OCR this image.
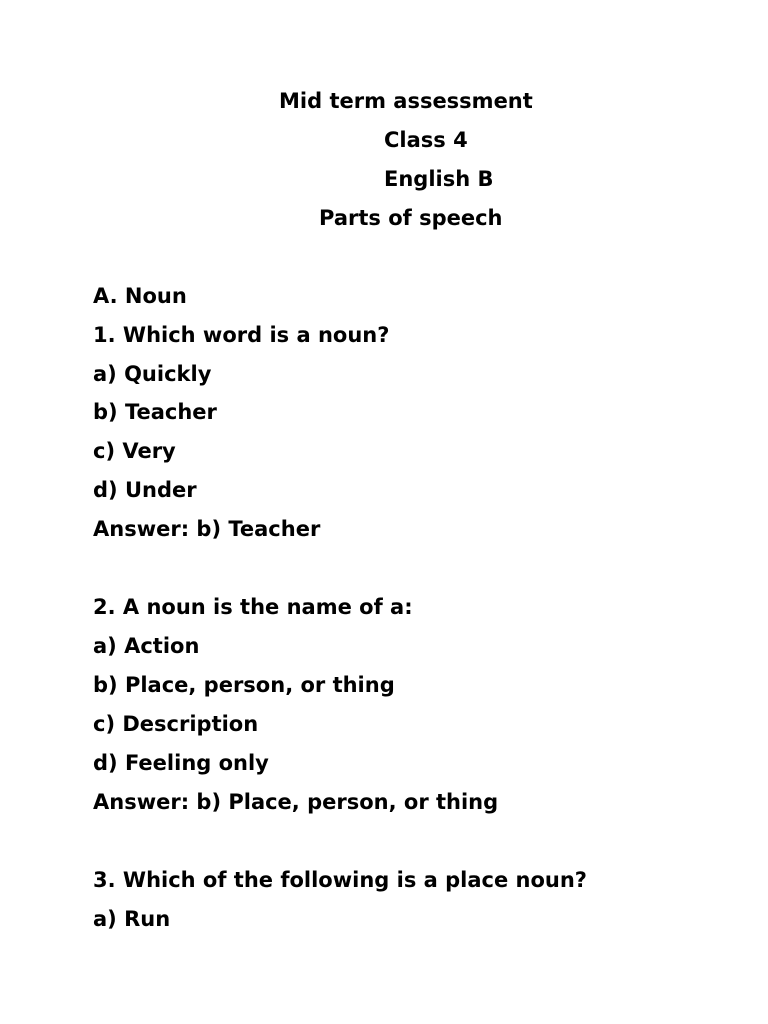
Mid term assessment
Class 4
English B
Parts of speech
A. Noun
1. Which word is a noun?
a) Quickly
b) Teacher
c) Very
d) Under
Answer: b) Teacher
2. A noun is the name of a:
a) Action
b) Place, person, or thing
c) Description
d) Feeling only
Answer: b) Place, person, or thing
3. Which of the following is a place noun?
a) Run
